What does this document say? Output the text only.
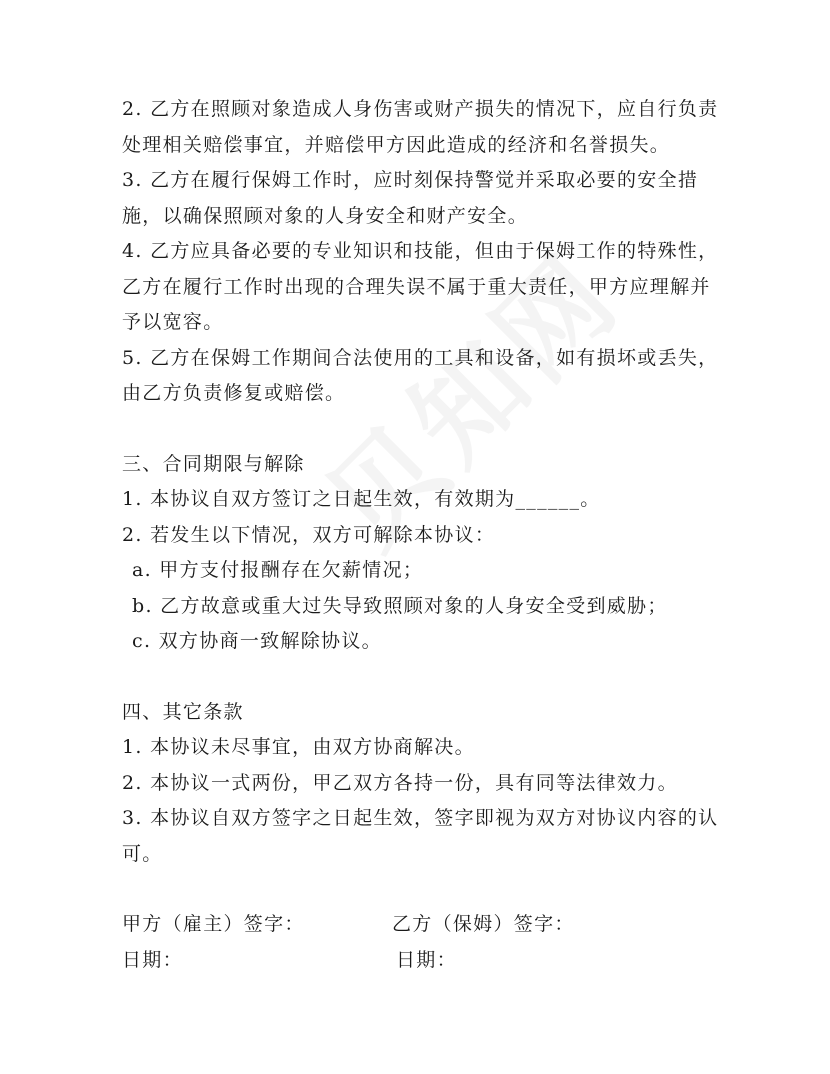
2. 乙方在照顾对象造成人身伤害或财产损失的情况下，应自行负责处理相关赔偿事宜，并赔偿甲方因此造成的经济和名誉损失。

3. 乙方在履行保姆工作时，应时刻保持警觉并采取必要的安全措施，以确保照顾对象的人身安全和财产安全。

4. 乙方应具备必要的专业知识和技能，但由于保姆工作的特殊性，乙方在履行工作时出现的合理失误不属于重大责任，甲方应理解并予以宽容。

5. 乙方在保姆工作期间合法使用的工具和设备，如有损坏或丢失，由乙方负责修复或赔偿。

三、合同期限与解除

1. 本协议自双方签订之日起生效，有效期为______。

2. 若发生以下情况，双方可解除本协议：

a. 甲方支付报酬存在欠薪情况；

b. 乙方故意或重大过失导致照顾对象的人身安全受到威胁；

c. 双方协商一致解除协议。

四、其它条款

1. 本协议未尽事宜，由双方协商解决。

2. 本协议一式两份，甲乙双方各持一份，具有同等法律效力。

3. 本协议自双方签字之日起生效，签字即视为双方对协议内容的认可。

甲方（雇主）签字：	乙方（保姆）签字：
日期：	日期：
